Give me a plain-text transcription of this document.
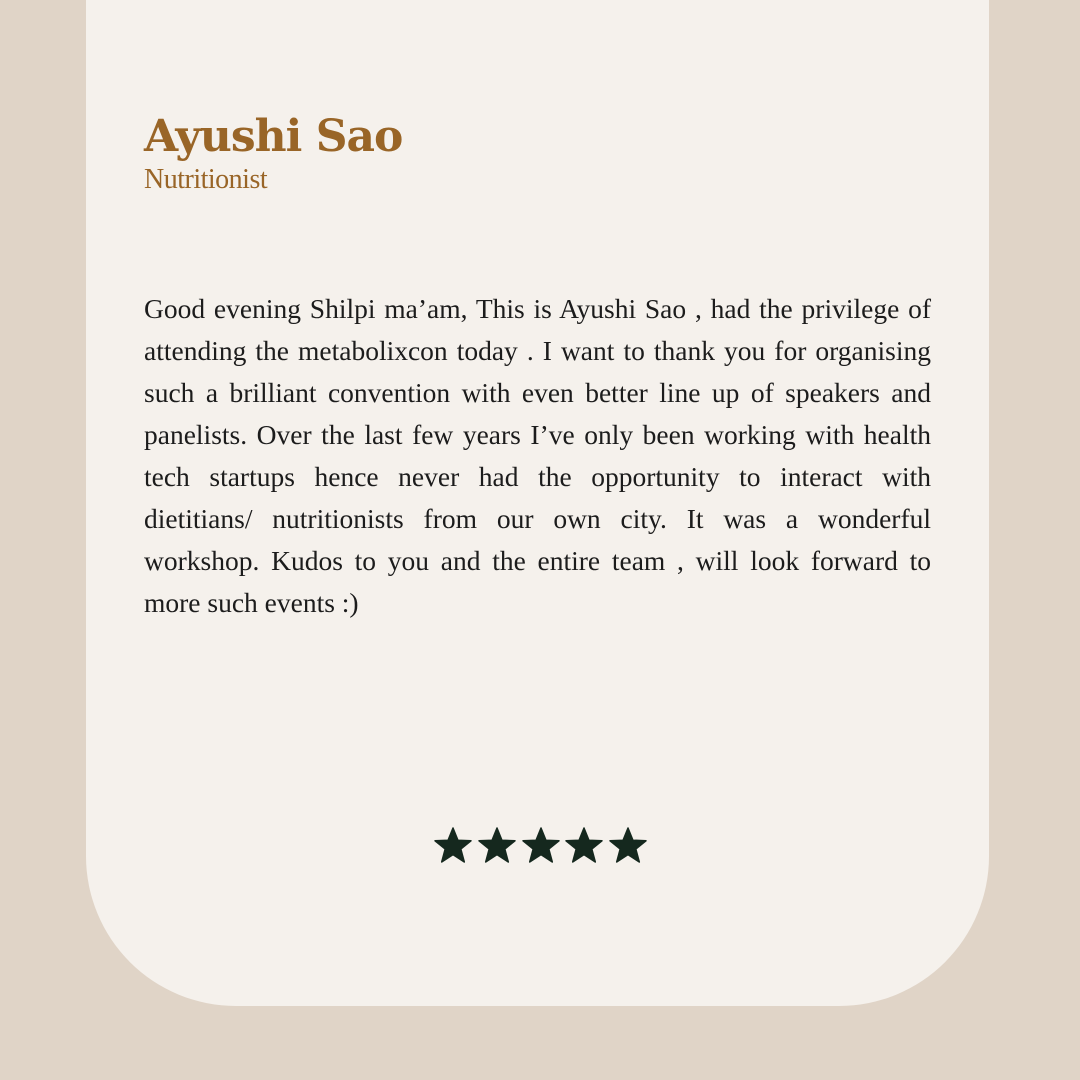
Ayushi Sao

Nutritionist

Good evening Shilpi ma’am, This is Ayushi Sao , had the privilege of attending the metabolixcon today . I want to thank you for organising such a brilliant convention with even better line up of speakers and panelists. Over the last few years I’ve only been working with health tech startups hence never had the opportunity to interact with dietitians/ nutritionists from our own city. It was a wonderful workshop. Kudos to you and the entire team , will look forward to more such events :)
